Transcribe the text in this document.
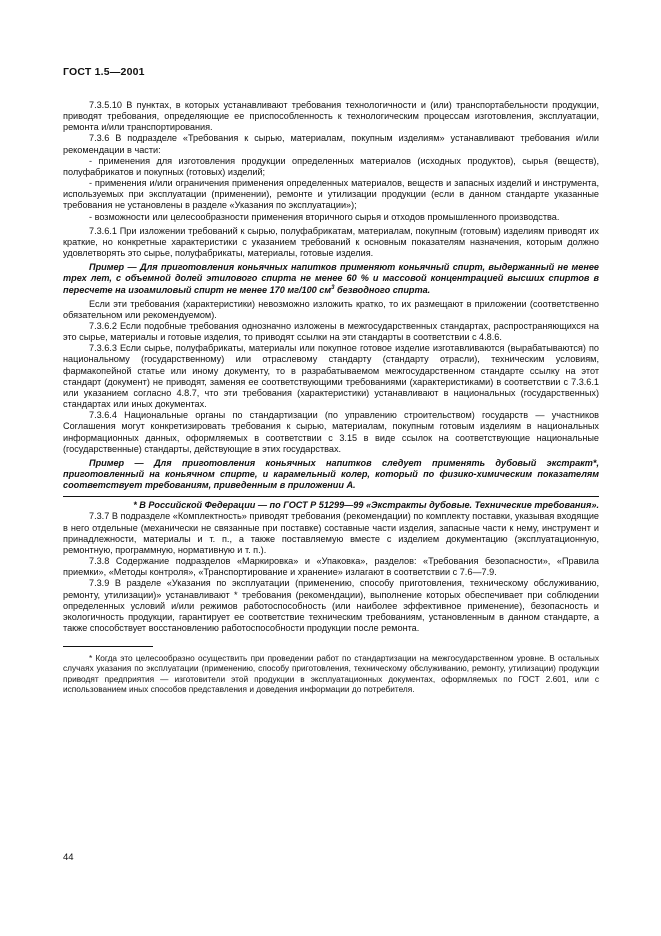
ГОСТ 1.5—2001

7.3.5.10 В пунктах, в которых устанавливают требования технологичности и (или) транспортабельности продукции, приводят требования, определяющие ее приспособленность к технологическим процессам изготовления, эксплуатации, ремонта и/или транспортирования.

7.3.6 В подразделе «Требования к сырью, материалам, покупным изделиям» устанавливают требования и/или рекомендации в части:

- применения для изготовления продукции определенных материалов (исходных продуктов), сырья (веществ), полуфабрикатов и покупных (готовых) изделий;

- применения и/или ограничения применения определенных материалов, веществ и запасных изделий и инструмента, используемых при эксплуатации (применении), ремонте и утилизации продукции (если в данном стандарте указанные требования не установлены в разделе «Указания по эксплуатации»);

- возможности или целесообразности применения вторичного сырья и отходов промышленного производства.

7.3.6.1 При изложении требований к сырью, полуфабрикатам, материалам, покупным (готовым) изделиям приводят их краткие, но конкретные характеристики с указанием требований к основным показателям назначения, которым должно удовлетворять это сырье, полуфабрикаты, материалы, готовые изделия.

Пример — Для приготовления коньячных напитков применяют коньячный спирт, выдержанный не менее трех лет, с объемной долей этилового спирта не менее 60 % и массовой концентрацией высших спиртов в пересчете на изоамиловый спирт не менее 170 мг/100 $см^3$ безводного спирта.

Если эти требования (характеристики) невозможно изложить кратко, то их размещают в приложении (соответственно обязательном или рекомендуемом).

7.3.6.2 Если подобные требования однозначно изложены в межгосударственных стандартах, распространяющихся на это сырье, материалы и готовые изделия, то приводят ссылки на эти стандарты в соответствии с 4.8.6.

7.3.6.3 Если сырье, полуфабрикаты, материалы или покупное готовое изделие изготавливаются (вырабатываются) по национальному (государственному) или отраслевому стандарту (стандарту отрасли), техническим условиям, фармакопейной статье или иному документу, то в разрабатываемом межгосударственном стандарте ссылку на этот стандарт (документ) не приводят, заменяя ее соответствующими требованиями (характеристиками) в соответствии с 7.3.6.1 или указанием согласно 4.8.7, что эти требования (характеристики) устанавливают в национальных (государственных) стандартах или иных документах.

7.3.6.4 Национальные органы по стандартизации (по управлению строительством) государств — участников Соглашения могут конкретизировать требования к сырью, материалам, покупным готовым изделиям в национальных информационных данных, оформляемых в соответствии с 3.15 в виде ссылок на соответствующие национальные (государственные) стандарты, действующие в этих государствах.

Пример — Для приготовления коньячных напитков следует применять дубовый экстракт*, приготовленный на коньячном спирте, и карамельный колер, который по физико-химическим показателям соответствует требованиям, приведенным в приложении А.

* В Российской Федерации — по ГОСТ Р 51299—99 «Экстракты дубовые. Технические требования».

7.3.7 В подразделе «Комплектность» приводят требования (рекомендации) по комплекту поставки, указывая входящие в него отдельные (механически не связанные при поставке) составные части изделия, запасные части к нему, инструмент и принадлежности, материалы и т. п., а также поставляемую вместе с изделием документацию (эксплуатационную, ремонтную, программную, нормативную и т. п.).

7.3.8 Содержание подразделов «Маркировка» и «Упаковка», разделов: «Требования безопасности», «Правила приемки», «Методы контроля», «Транспортирование и хранение» излагают в соответствии с 7.6—7.9.

7.3.9 В разделе «Указания по эксплуатации (применению, способу приготовления, техническому обслуживанию, ремонту, утилизации)» устанавливают * требования (рекомендации), выполнение которых обеспечивает при соблюдении определенных условий и/или режимов работоспособность (или наиболее эффективное применение), безопасность и экологичность продукции, гарантирует ее соответствие техническим требованиям, установленным в данном стандарте, а также способствует восстановлению работоспособности продукции после ремонта.

* Когда это целесообразно осуществить при проведении работ по стандартизации на межгосударственном уровне. В остальных случаях указания по эксплуатации (применению, способу приготовления, техническому обслуживанию, ремонту, утилизации) продукции приводят предприятия — изготовители этой продукции в эксплуатационных документах, оформляемых по ГОСТ 2.601, или с использованием иных способов представления и доведения информации до потребителя.

44
